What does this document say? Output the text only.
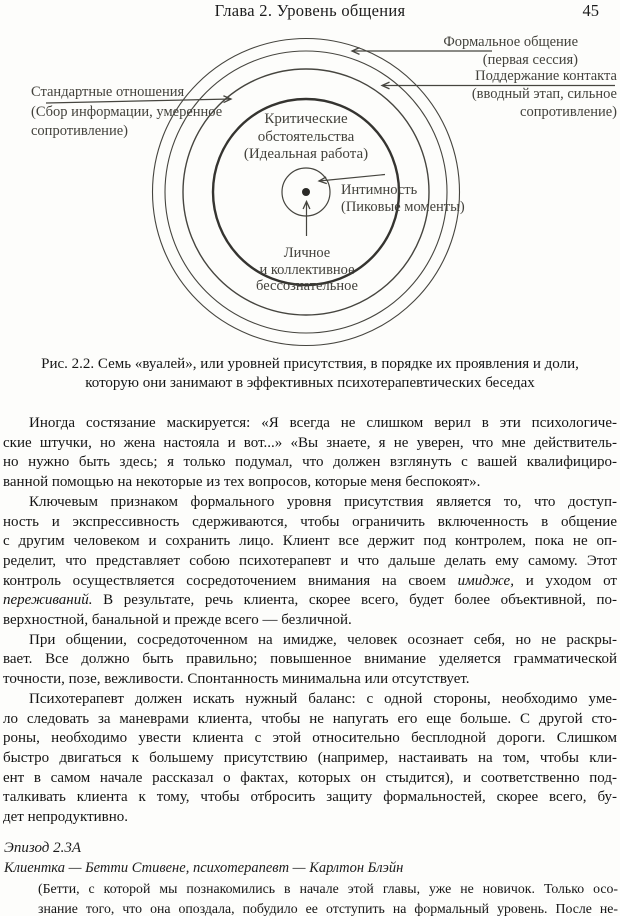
Глава 2. Уровень общения	45
Формальное общение
(первая сессия)
Поддержание контакта
(вводный этап, сильное
сопротивление)
Стандартные отношения
(Сбор информации, умеренное
сопротивление)
Критические
обстоятельства
(Идеальная работа)
Интимность
(Пиковые моменты)
Личное
и коллективное
бессознательное
Рис. 2.2. Семь «вуалей», или уровней присутствия, в порядке их проявления и доли,
которую они занимают в эффективных психотерапевтических беседах
Иногда состязание маскируется: «Я всегда не слишком верил в эти психологиче-
ские штучки, но жена настояла и вот...» «Вы знаете, я не уверен, что мне действитель-
но нужно быть здесь; я только подумал, что должен взглянуть с вашей квалифициро-
ванной помощью на некоторые из тех вопросов, которые меня беспокоят».
Ключевым признаком формального уровня присутствия является то, что доступ-
ность и экспрессивность сдерживаются, чтобы ограничить включенность в общение
с другим человеком и сохранить лицо. Клиент все держит под контролем, пока не оп-
ределит, что представляет собою психотерапевт и что дальше делать ему самому. Этот
контроль осуществляется сосредоточением внимания на своем имидже, и уходом от
переживаний. В результате, речь клиента, скорее всего, будет более объективной, по-
верхностной, банальной и прежде всего — безличной.
При общении, сосредоточенном на имидже, человек осознает себя, но не раскры-
вает. Все должно быть правильно; повышенное внимание уделяется грамматической
точности, позе, вежливости. Спонтанность минимальна или отсутствует.
Психотерапевт должен искать нужный баланс: с одной стороны, необходимо уме-
ло следовать за маневрами клиента, чтобы не напугать его еще больше. С другой сто-
роны, необходимо увести клиента с этой относительно бесплодной дороги. Слишком
быстро двигаться к большему присутствию (например, настаивать на том, чтобы кли-
ент в самом начале рассказал о фактах, которых он стыдится), и соответственно под-
талкивать клиента к тому, чтобы отбросить защиту формальностей, скорее всего, бу-
дет непродуктивно.
Эпизод 2.3А
Клиентка — Бетти Стивене, психотерапевт — Карлтон Блэйн
(Бетти, с которой мы познакомились в начале этой главы, уже не новичок. Только осо-
знание того, что она опоздала, побудило ее отступить на формальный уровень. После не-
